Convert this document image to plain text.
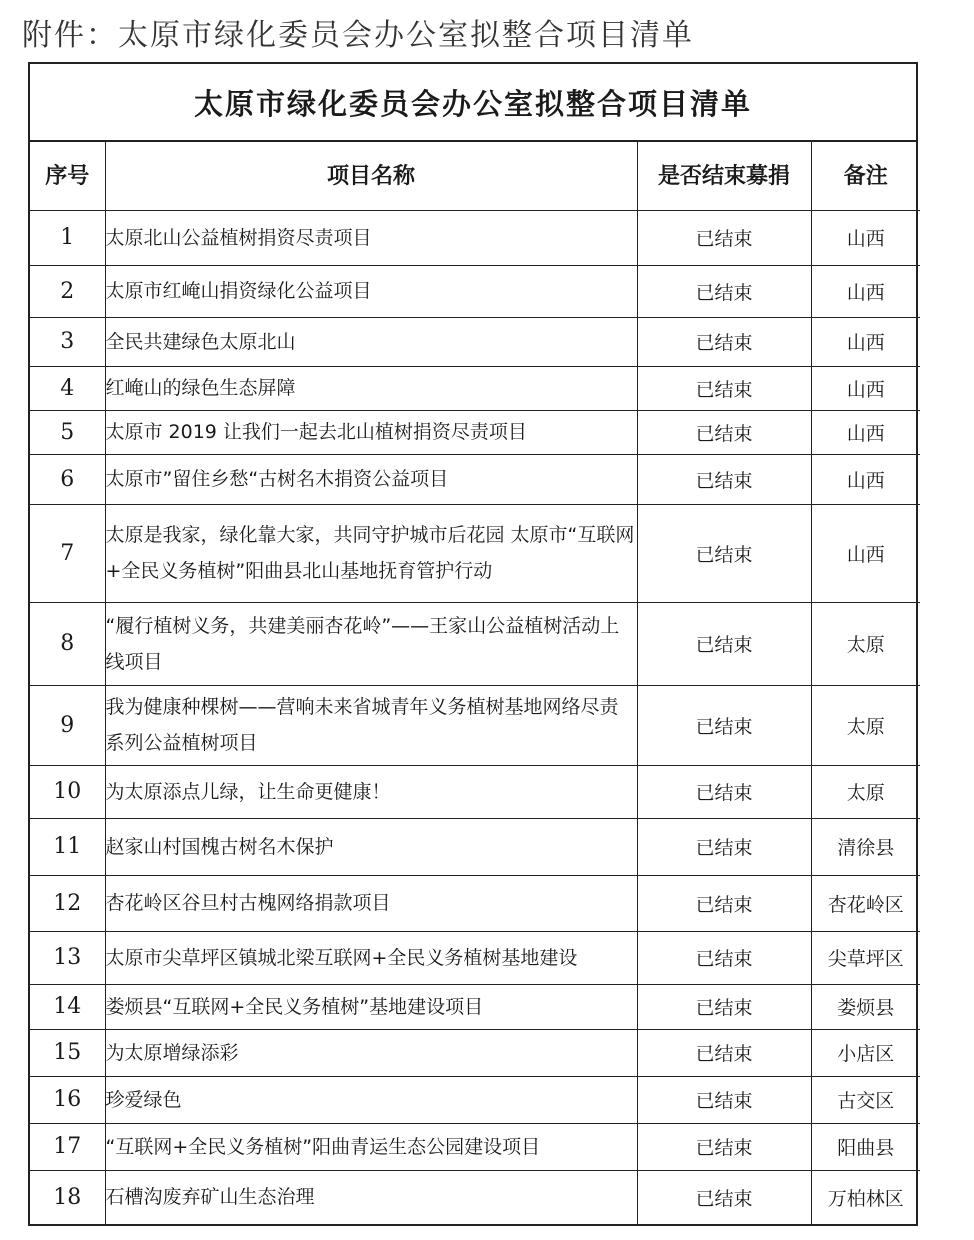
附件：太原市绿化委员会办公室拟整合项目清单
太原市绿化委员会办公室拟整合项目清单
序号	项目名称	是否结束募捐	备注
1	太原北山公益植树捐资尽责项目	已结束	山西
2	太原市红崦山捐资绿化公益项目	已结束	山西
3	全民共建绿色太原北山	已结束	山西
4	红崦山的绿色生态屏障	已结束	山西
5	太原市 2019 让我们一起去北山植树捐资尽责项目	已结束	山西
6	太原市”留住乡愁“古树名木捐资公益项目	已结束	山西
7	太原是我家，绿化靠大家，共同守护城市后花园 太原市“互联网+全民义务植树”阳曲县北山基地抚育管护行动	已结束	山西
8	“履行植树义务，共建美丽杏花岭”——王家山公益植树活动上线项目	已结束	太原
9	我为健康种棵树——营响未来省城青年义务植树基地网络尽责系列公益植树项目	已结束	太原
10	为太原添点儿绿，让生命更健康！	已结束	太原
11	赵家山村国槐古树名木保护	已结束	清徐县
12	杏花岭区谷旦村古槐网络捐款项目	已结束	杏花岭区
13	太原市尖草坪区镇城北梁互联网+全民义务植树基地建设	已结束	尖草坪区
14	娄烦县“互联网+全民义务植树”基地建设项目	已结束	娄烦县
15	为太原增绿添彩	已结束	小店区
16	珍爱绿色	已结束	古交区
17	“互联网+全民义务植树”阳曲青运生态公园建设项目	已结束	阳曲县
18	石槽沟废弃矿山生态治理	已结束	万柏林区
